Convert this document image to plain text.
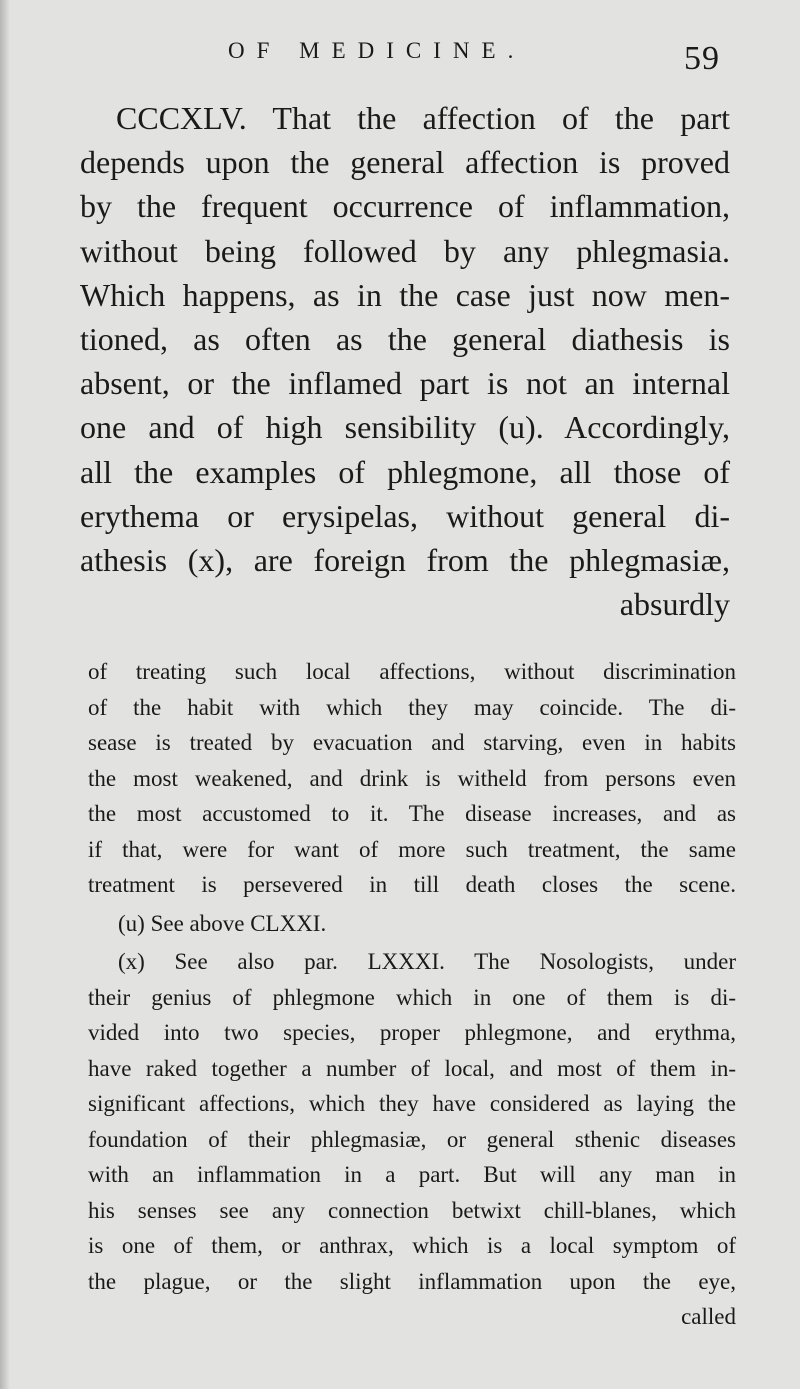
OF MEDICINE.	59
CCCXLV. That the affection of the part
depends upon the general affection is proved
by the frequent occurrence of inflammation,
without being followed by any phlegmasia.
Which happens, as in the case just now men-
tioned, as often as the general diathesis is
absent, or the inflamed part is not an internal
one and of high sensibility (u). Accordingly,
all the examples of phlegmone, all those of
erythema or erysipelas, without general di-
athesis (x), are foreign from the phlegmasiæ,
absurdly
of treating such local affections, without discrimination
of the habit with which they may coincide. The di-
sease is treated by evacuation and starving, even in habits
the most weakened, and drink is witheld from persons even
the most accustomed to it. The disease increases, and as
if that, were for want of more such treatment, the same
treatment is persevered in till death closes the scene.
(u) See above CLXXI.
(x) See also par. LXXXI. The Nosologists, under
their genius of phlegmone which in one of them is di-
vided into two species, proper phlegmone, and erythma,
have raked together a number of local, and most of them in-
significant affections, which they have considered as laying the
foundation of their phlegmasiæ, or general sthenic diseases
with an inflammation in a part. But will any man in
his senses see any connection betwixt chill-blanes, which
is one of them, or anthrax, which is a local symptom of
the plague, or the slight inflammation upon the eye,
called
